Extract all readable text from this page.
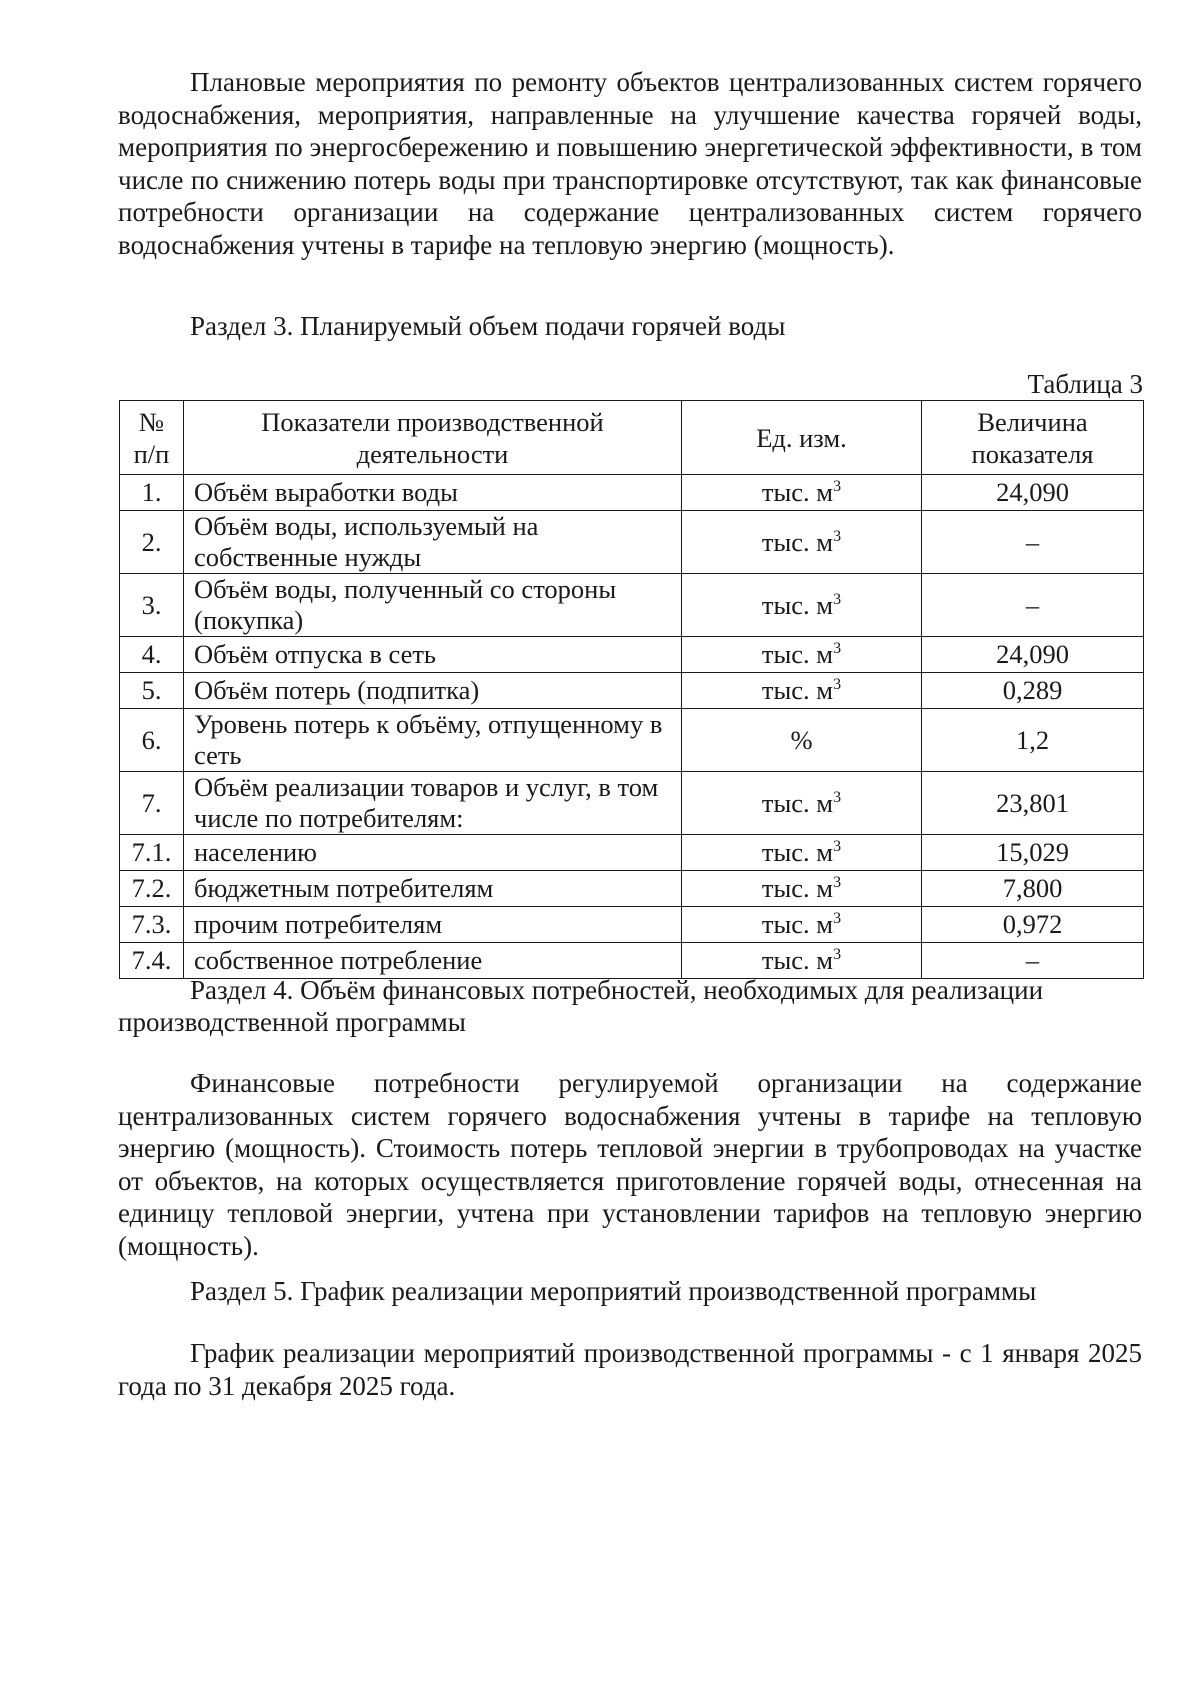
Плановые мероприятия по ремонту объектов централизованных систем горячего водоснабжения, мероприятия, направленные на улучшение качества горячей воды, мероприятия по энергосбережению и повышению энергетической эффективности, в том числе по снижению потерь воды при транспортировке отсутствуют, так как финансовые потребности организации на содержание централизованных систем горячего водоснабжения учтены в тарифе на тепловую энергию (мощность).

Раздел 3. Планируемый объем подачи горячей воды
Таблица 3
№ п/п	Показатели производственной деятельности	Ед. изм.	Величина показателя
1.	Объём выработки воды	тыс. $м^3$	24,090
2.	Объём воды, используемый на собственные нужды	тыс. $м^3$	–
3.	Объём воды, полученный со стороны (покупка)	тыс. $м^3$	–
4.	Объём отпуска в сеть	тыс. $м^3$	24,090
5.	Объём потерь (подпитка)	тыс. $м^3$	0,289
6.	Уровень потерь к объёму, отпущенному в сеть	%	1,2
7.	Объём реализации товаров и услуг, в том числе по потребителям:	тыс. $м^3$	23,801
7.1.	населению	тыс. $м^3$	15,029
7.2.	бюджетным потребителям	тыс. $м^3$	7,800
7.3.	прочим потребителям	тыс. $м^3$	0,972
7.4.	собственное потребление	тыс. $м^3$	–
Раздел 4. Объём финансовых потребностей, необходимых для реализации
производственной программы

Финансовые потребности регулируемой организации на содержание централизованных систем горячего водоснабжения учтены в тарифе на тепловую энергию (мощность). Стоимость потерь тепловой энергии в трубопроводах на участке от объектов, на которых осуществляется приготовление горячей воды, отнесенная на единицу тепловой энергии, учтена при установлении тарифов на тепловую энергию (мощность).

Раздел 5. График реализации мероприятий производственной программы

График реализации мероприятий производственной программы - с 1 января 2025 года по 31 декабря 2025 года.
